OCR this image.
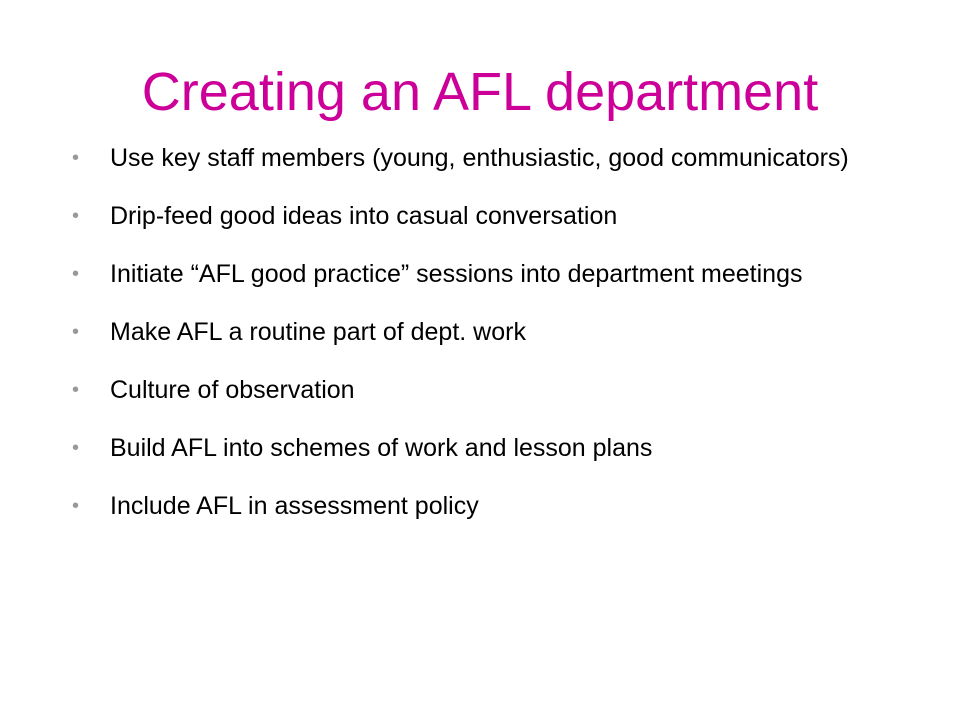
Creating an AFL department
• Use key staff members (young, enthusiastic, good communicators)
• Drip-feed good ideas into casual conversation
• Initiate “AFL good practice” sessions into department meetings
• Make AFL a routine part of dept. work
• Culture of observation
• Build AFL into schemes of work and lesson plans
• Include AFL in assessment policy
